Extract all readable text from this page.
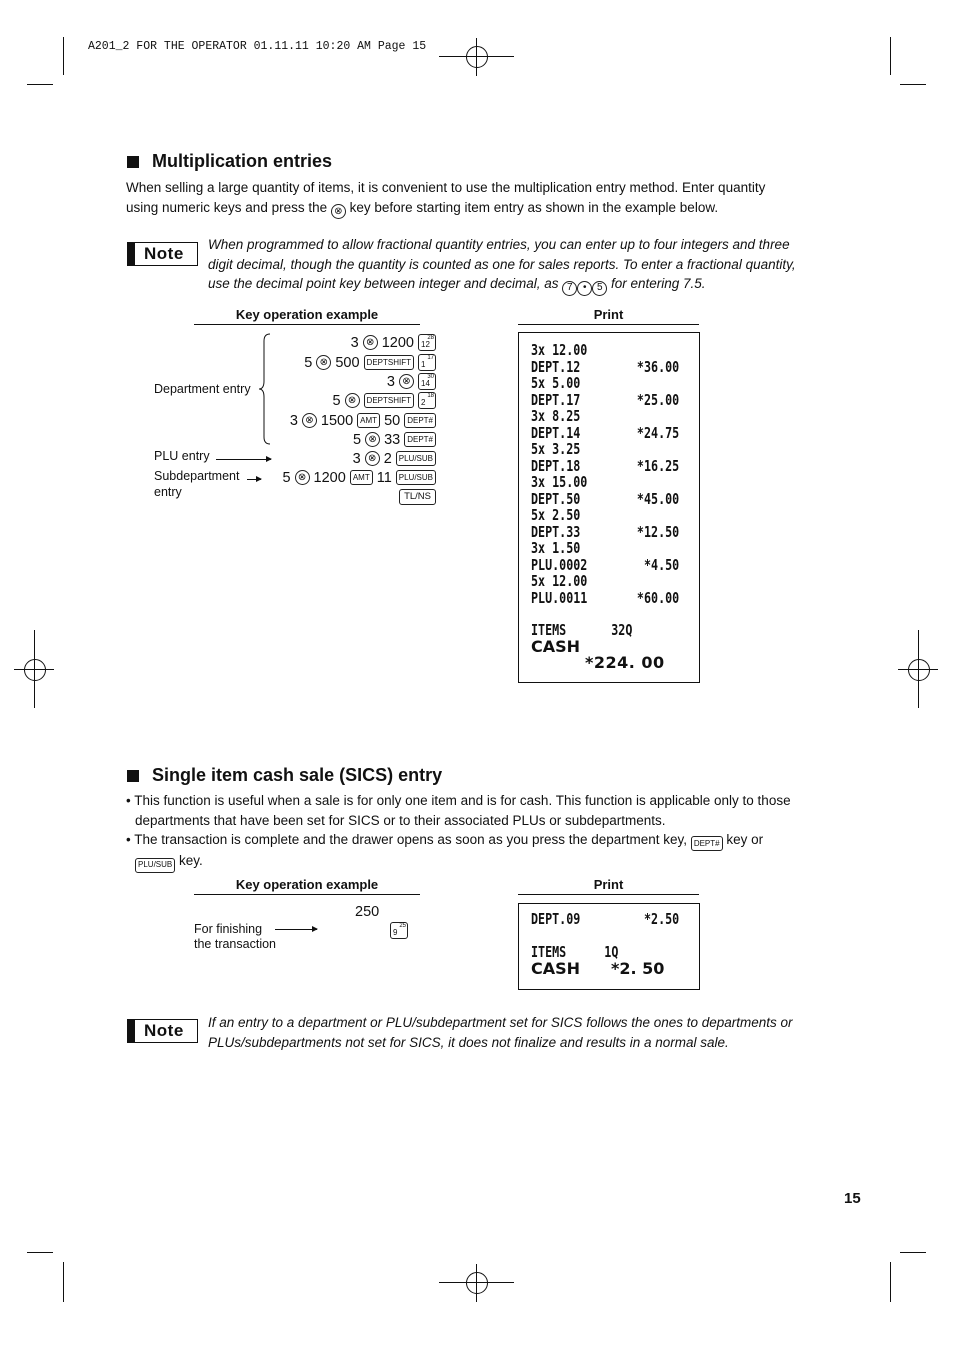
A201_2 FOR THE OPERATOR 01.11.11 10:20 AM Page 15
Multiplication entries
When selling a large quantity of items, it is convenient to use the multiplication entry method. Enter quantity
using numeric keys and press the ⊗ key before starting item entry as shown in the example below.
Note When programmed to allow fractional quantity entries, you can enter up to four integers and three
digit decimal, though the quantity is counted as one for sales reports. To enter a fractional quantity,
use the decimal point key between integer and decimal, as 7 • 5 for entering 7.5.
Key operation example	Print
Department entry
PLU entry
Subdepartment
entry
3 ⊗ 1200 28
12
5 ⊗ 500 DEPTSHIFT	17
1
3 ⊗	30
14
5 ⊗	DEPTSHIFT	18
2
3 ⊗ 1500 AMT 50 DEPT#
5 ⊗ 33 DEPT#
3 ⊗ 2 PLU/SUB
5 ⊗ 1200 AMT 11 PLU/SUB
TL/NS
3x 12.00
DEPT.12	*36.00
5x 5.00
DEPT.17	*25.00
3x 8.25
DEPT.14	*24.75
5x 3.25
DEPT.18	*16.25
3x 15.00
DEPT.50	*45.00
5x 2.50
DEPT.33	*12.50
3x 1.50
PLU.0002	*4.50
5x 12.00
PLU.0011	*60.00
ITEMS	32Q
CASH
*224. 00
Single item cash sale (SICS) entry
• This function is useful when a sale is for only one item and is for cash. This function is applicable only to those
departments that have been set for SICS or to their associated PLUs or subdepartments.
• The transaction is complete and the drawer opens as soon as you press the department key, DEPT# key or
PLU/SUB key.
Key operation example	Print
250
For finishing
the transaction
25
9
DEPT.09	*2.50
ITEMS	1Q
CASH *2. 50
Note If an entry to a department or PLU/subdepartment set for SICS follows the ones to departments or
PLUs/subdepartments not set for SICS, it does not finalize and results in a normal sale.
15
